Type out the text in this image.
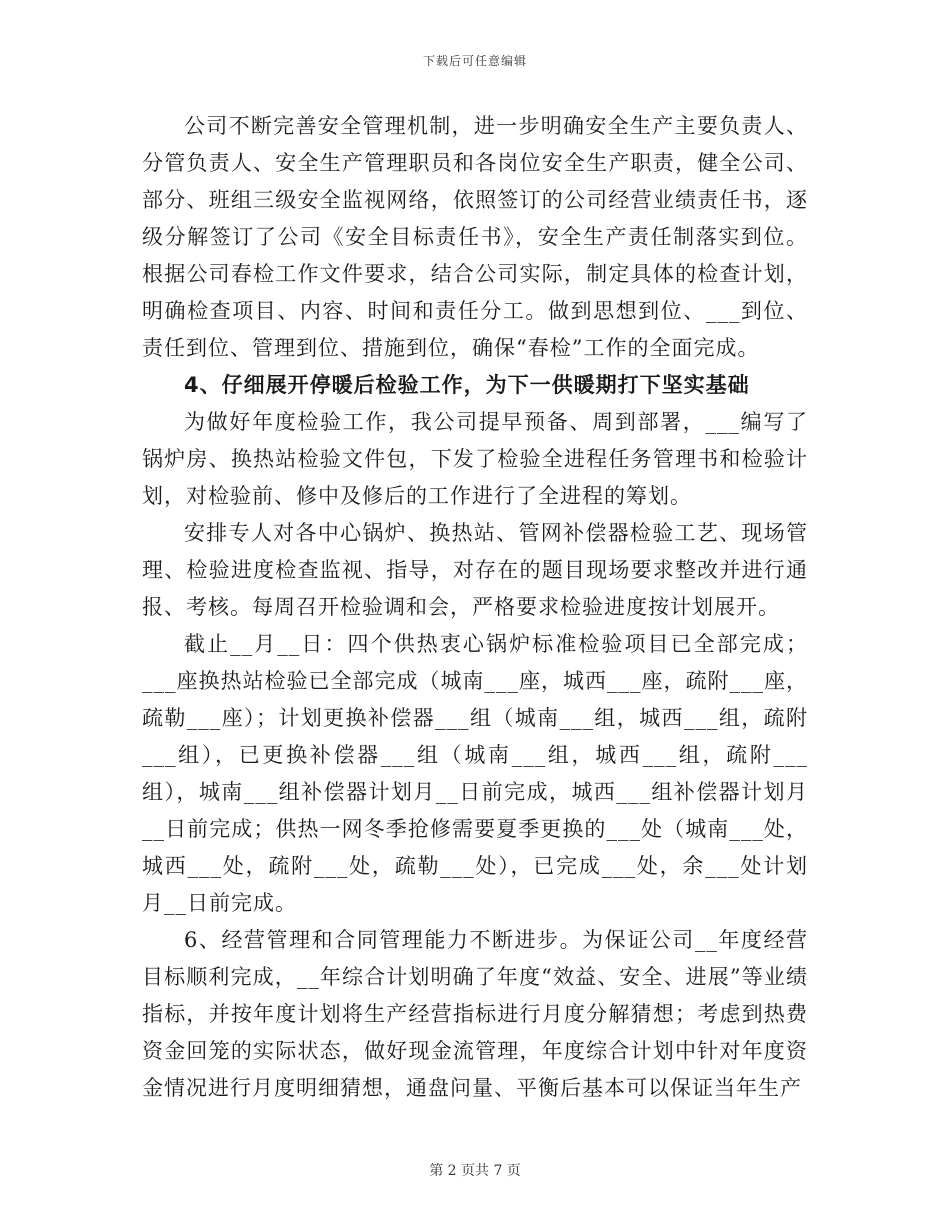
下载后可任意编辑

公司不断完善安全管理机制，进一步明确安全生产主要负责人、分管负责人、安全生产管理职员和各岗位安全生产职责，健全公司、部分、班组三级安全监视网络，依照签订的公司经营业绩责任书，逐级分解签订了公司《安全目标责任书》，安全生产责任制落实到位。根据公司春检工作文件要求，结合公司实际，制定具体的检查计划，明确检查项目、内容、时间和责任分工。做到思想到位、___到位、责任到位、管理到位、措施到位，确保“春检”工作的全面完成。

4、仔细展开停暖后检验工作，为下一供暖期打下坚实基础

为做好年度检验工作，我公司提早预备、周到部署，___编写了锅炉房、换热站检验文件包，下发了检验全进程任务管理书和检验计划，对检验前、修中及修后的工作进行了全进程的筹划。

安排专人对各中心锅炉、换热站、管网补偿器检验工艺、现场管理、检验进度检查监视、指导，对存在的题目现场要求整改并进行通报、考核。每周召开检验调和会，严格要求检验进度按计划展开。

截止__月__日：四个供热衷心锅炉标准检验项目已全部完成；___座换热站检验已全部完成（城南___座，城西___座，疏附___座，疏勒___座）；计划更换补偿器___组（城南___组，城西___组，疏附___组），已更换补偿器___组（城南___组，城西___组，疏附___组），城南___组补偿器计划月__日前完成，城西___组补偿器计划月__日前完成；供热一网冬季抢修需要夏季更换的___处（城南___处，城西___处，疏附___处，疏勒___处），已完成___处，余___处计划月__日前完成。

6、经营管理和合同管理能力不断进步。为保证公司__年度经营目标顺利完成，__年综合计划明确了年度“效益、安全、进展”等业绩指标，并按年度计划将生产经营指标进行月度分解猜想；考虑到热费资金回笼的实际状态，做好现金流管理，年度综合计划中针对年度资金情况进行月度明细猜想，通盘问量、平衡后基本可以保证当年生产

第 2 页共 7 页
